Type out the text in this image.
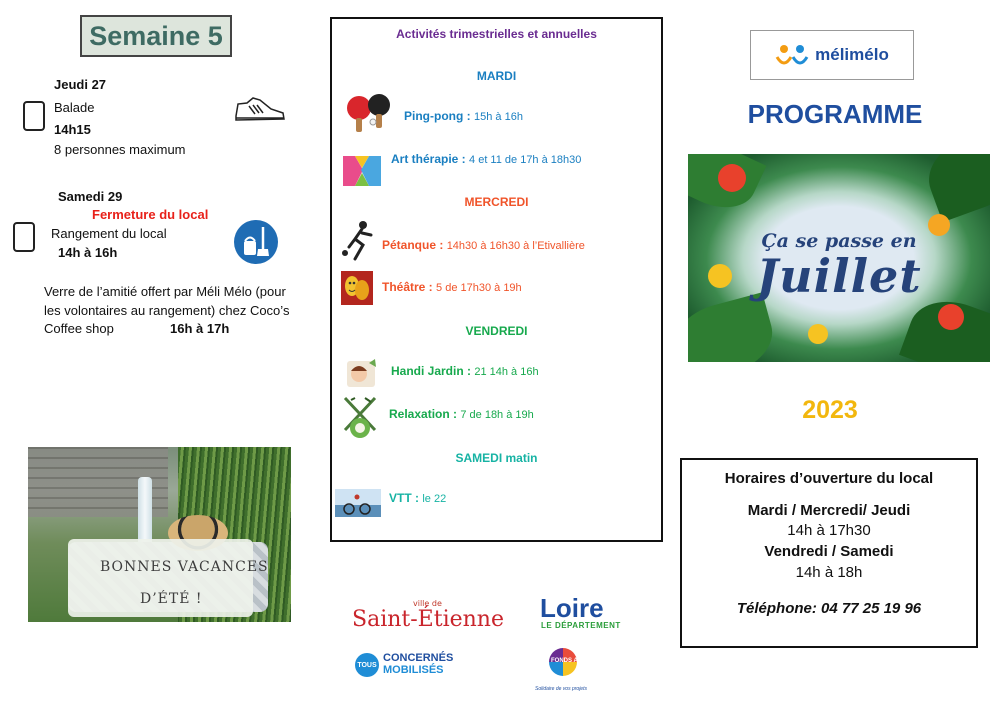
Semaine 5
Jeudi 27
Balade
14h15
8 personnes maximum
Samedi 29
Fermeture du local
Rangement du local
14h à 16h
Verre de l’amitié offert par Méli Mélo (pour
les volontaires au rangement) chez Coco’s
Coffee shop	16h à 17h
BONNES VACANCES
D’ÉTÉ !
Activités trimestrielles et annuelles
MARDI
Ping-pong : 15h à 16h
Art thérapie : 4 et 11 de 17h à 18h30
MERCREDI
Pétanque : 14h30 à 16h30 à l’Etivallière
Théâtre : 5 de 17h30 à 19h
VENDREDI
Handi Jardin : 21 14h à 16h
Relaxation : 7 de 18h à 19h
SAMEDI matin
VTT : le 22
ville de
Saint-Étienne Loire
LE DÉPARTEMENT
TOUS
CONCERNÉS
MOBILISÉS
FONDS ACEF
Solidaire de vos projets
mélimélo
PROGRAMME
Ça se passe en
Juillet
2023
Horaires d’ouverture du local
Mardi / Mercredi/ Jeudi
14h à 17h30
Vendredi / Samedi
14h à 18h
Téléphone: 04 77 25 19 96
